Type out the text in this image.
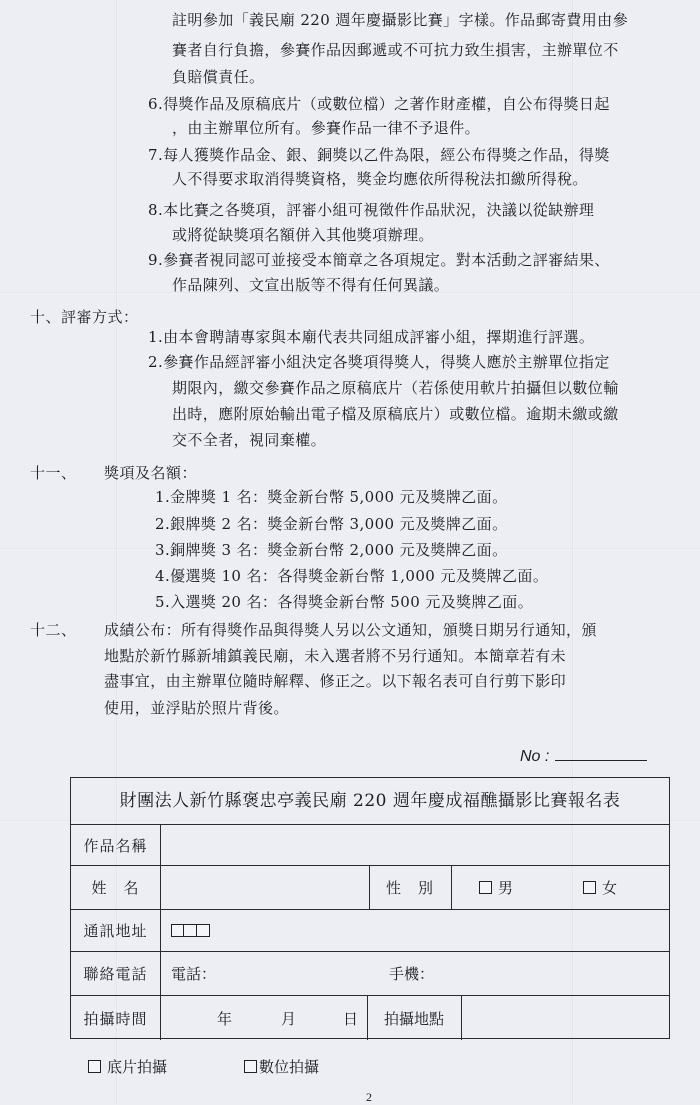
註明參加「義民廟 220 週年慶攝影比賽」字樣。作品郵寄費用由參
賽者自行負擔，參賽作品因郵遞或不可抗力致生損害，主辦單位不
負賠償責任。
6.得獎作品及原稿底片（或數位檔）之著作財產權，自公布得獎日起
，由主辦單位所有。參賽作品一律不予退件。
7.每人獲獎作品金、銀、銅獎以乙件為限，經公布得獎之作品，得獎
人不得要求取消得獎資格，獎金均應依所得稅法扣繳所得稅。
8.本比賽之各獎項，評審小組可視徵件作品狀況，決議以從缺辦理
或將從缺獎項名額併入其他獎項辦理。
9.參賽者視同認可並接受本簡章之各項規定。對本活動之評審結果、
作品陳列、文宣出版等不得有任何異議。
1.由本會聘請專家與本廟代表共同組成評審小組，擇期進行評選。
2.參賽作品經評審小組決定各獎項得獎人，得獎人應於主辦單位指定
期限內，繳交參賽作品之原稿底片（若係使用軟片拍攝但以數位輸
出時，應附原始輸出電子檔及原稿底片）或數位檔。逾期未繳或繳
交不全者，視同棄權。
1.金牌獎 1 名：獎金新台幣 5,000 元及獎牌乙面。
2.銀牌獎 2 名：獎金新台幣 3,000 元及獎牌乙面。
3.銅牌獎 3 名：獎金新台幣 2,000 元及獎牌乙面。
4.優選獎 10 名：各得獎金新台幣 1,000 元及獎牌乙面。
5.入選獎 20 名：各得獎金新台幣 500 元及獎牌乙面。
成績公布：所有得獎作品與得獎人另以公文通知，頒獎日期另行通知，頒
地點於新竹縣新埔鎮義民廟，未入選者將不另行通知。本簡章若有未
盡事宜，由主辦單位隨時解釋、修正之。以下報名表可自行剪下影印
使用，並浮貼於照片背後。
十、評審方式：
十一、 獎項及名額：
十二、
No :
財團法人新竹縣褒忠亭義民廟 220 週年慶成福醮攝影比賽報名表
作品名稱
姓　名	性　別	男	女
通訊地址
聯絡電話	電話：	手機：
拍攝時間	年	月	日	拍攝地點
底片拍攝	數位拍攝
2
